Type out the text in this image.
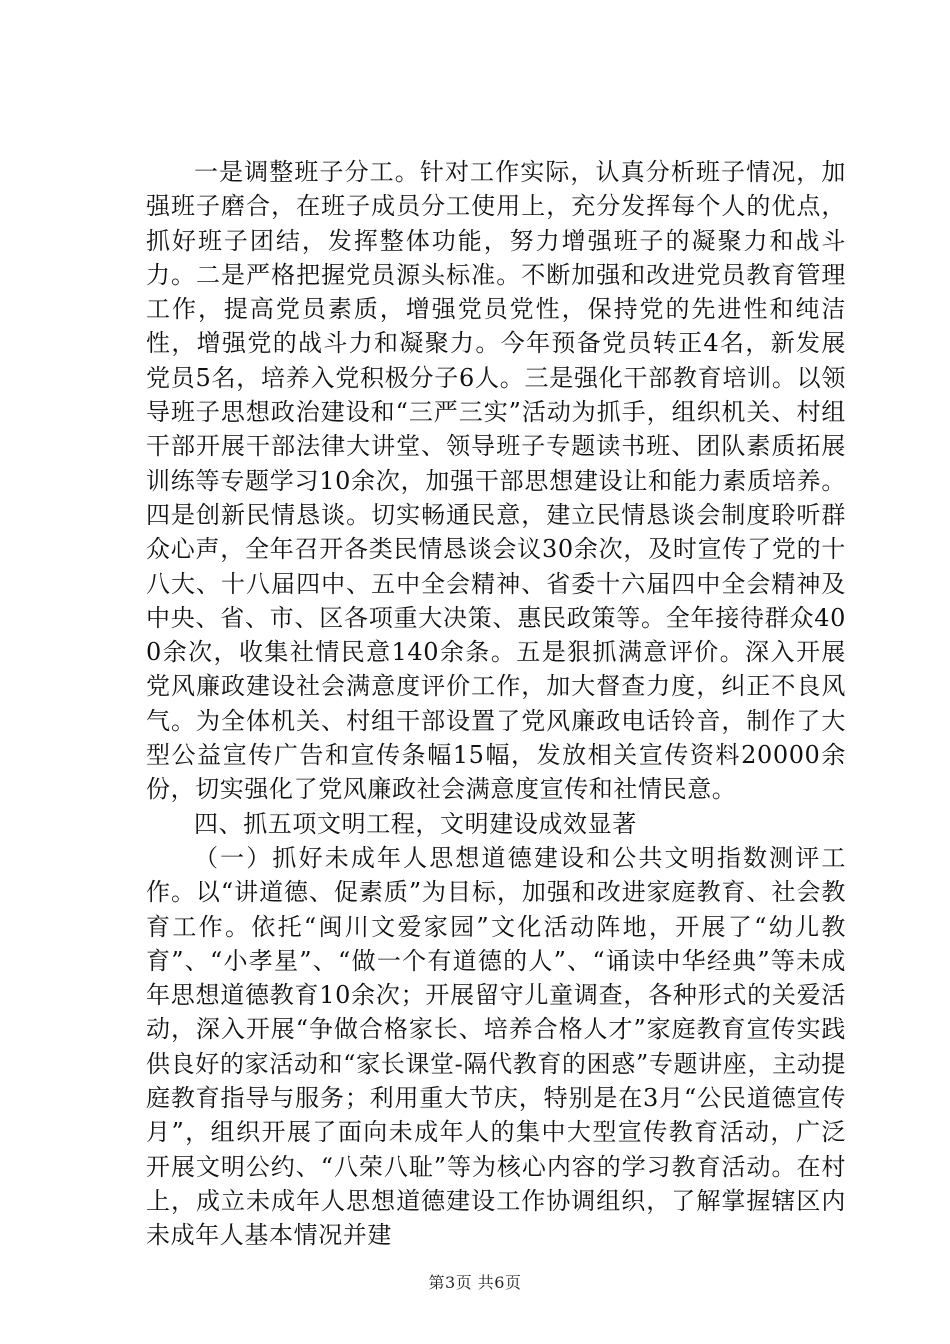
一是调整班子分工。针对工作实际，认真分析班子情况，加强班子磨合，在班子成员分工使用上，充分发挥每个人的优点，抓好班子团结，发挥整体功能，努力增强班子的凝聚力和战斗力。二是严格把握党员源头标准。不断加强和改进党员教育管理工作，提高党员素质，增强党员党性，保持党的先进性和纯洁性，增强党的战斗力和凝聚力。今年预备党员转正4名，新发展党员5名，培养入党积极分子6人。三是强化干部教育培训。以领导班子思想政治建设和“三严三实”活动为抓手，组织机关、村组干部开展干部法律大讲堂、领导班子专题读书班、团队素质拓展训练等专题学习10余次，加强干部思想建设让和能力素质培养。四是创新民情恳谈。切实畅通民意，建立民情恳谈会制度聆听群众心声，全年召开各类民情恳谈会议30余次，及时宣传了党的十八大、十八届四中、五中全会精神、省委十六届四中全会精神及中央、省、市、区各项重大决策、惠民政策等。全年接待群众400余次，收集社情民意140余条。五是狠抓满意评价。深入开展党风廉政建设社会满意度评价工作，加大督查力度，纠正不良风气。为全体机关、村组干部设置了党风廉政电话铃音，制作了大型公益宣传广告和宣传条幅15幅，发放相关宣传资料20000余份，切实强化了党风廉政社会满意度宣传和社情民意。

四、抓五项文明工程，文明建设成效显著

（一）抓好未成年人思想道德建设和公共文明指数测评工作。以“讲道德、促素质”为目标，加强和改进家庭教育、社会教育工作。依托“闽川文爱家园”文化活动阵地，开展了“幼儿教育”、“小孝星”、“做一个有道德的人”、“诵读中华经典”等未成年思想道德教育10余次；开展留守儿童调查，各种形式的关爱活动，深入开展“争做合格家长、培养合格人才”家庭教育宣传实践供良好的家活动和“家长课堂-隔代教育的困惑”专题讲座，主动提庭教育指导与服务；利用重大节庆，特别是在3月“公民道德宣传月”，组织开展了面向未成年人的集中大型宣传教育活动，广泛开展文明公约、“八荣八耻”等为核心内容的学习教育活动。在村上，成立未成年人思想道德建设工作协调组织，了解掌握辖区内未成年人基本情况并建

第3页 共6页
